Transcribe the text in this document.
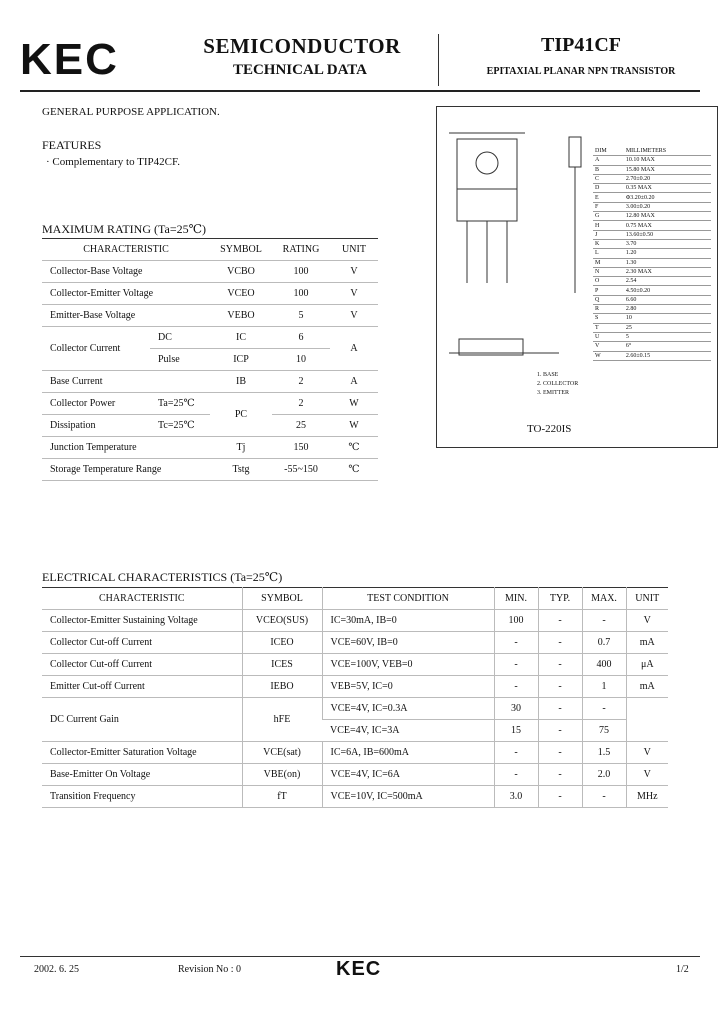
KEC	SEMICONDUCTOR
TECHNICAL DATA
TIP41CF
EPITAXIAL PLANAR NPN TRANSISTOR
GENERAL PURPOSE APPLICATION.
FEATURES
· Complementary to TIP42CF.
MAXIMUM RATING (Ta=25℃)
CHARACTERISTIC		SYMBOL	RATING	UNIT
Collector-Base Voltage		VCBO	100	V
Collector-Emitter Voltage		VCEO	100	V
Emitter-Base Voltage		VEBO	5	V
Collector Current	DC	IC	6	A
	Pulse	ICP	10	
Base Current		IB	2	A
Collector Power	Ta=25℃	PC	2	W
Dissipation	Tc=25℃		25	W
Junction Temperature		Tj	150	℃
Storage Temperature Range		Tstg	-55~150	℃
DIM	MILLIMETERS
A	10.10 MAX
B	15.80 MAX
C	2.70±0.20
D	0.35 MAX
E	Φ3.20±0.20
F	3.00±0.20
G	12.80 MAX
H	0.75 MAX
J	13.60±0.50
K	3.70
L	1.20
M	1.30
N	2.30 MAX
O	2.54
P	4.50±0.20
Q	6.60
R	2.80
S	10
T	25
U	5
V	6°
W	2.60±0.15
1. BASE
2. COLLECTOR
3. EMITTER
TO-220IS
ELECTRICAL CHARACTERISTICS (Ta=25℃)
CHARACTERISTIC	SYMBOL	TEST CONDITION	MIN.	TYP.	MAX.	UNIT
Collector-Emitter Sustaining Voltage	VCEO(SUS)	IC=30mA, IB=0	100	-	-	V
Collector Cut-off Current	ICEO	VCE=60V, IB=0	-	-	0.7	mA
Collector Cut-off Current	ICES	VCE=100V, VEB=0	-	-	400	μA
Emitter Cut-off Current	IEBO	VEB=5V, IC=0	-	-	1	mA
DC Current Gain	hFE	VCE=4V, IC=0.3A	30	-	-	
		VCE=4V, IC=3A	15	-	75	
Collector-Emitter Saturation Voltage	VCE(sat)	IC=6A, IB=600mA	-	-	1.5	V
Base-Emitter On Voltage	VBE(on)	VCE=4V, IC=6A	-	-	2.0	V
Transition Frequency	fT	VCE=10V, IC=500mA	3.0	-	-	MHz
2002. 6. 25	Revision No : 0	KEC	1/2
